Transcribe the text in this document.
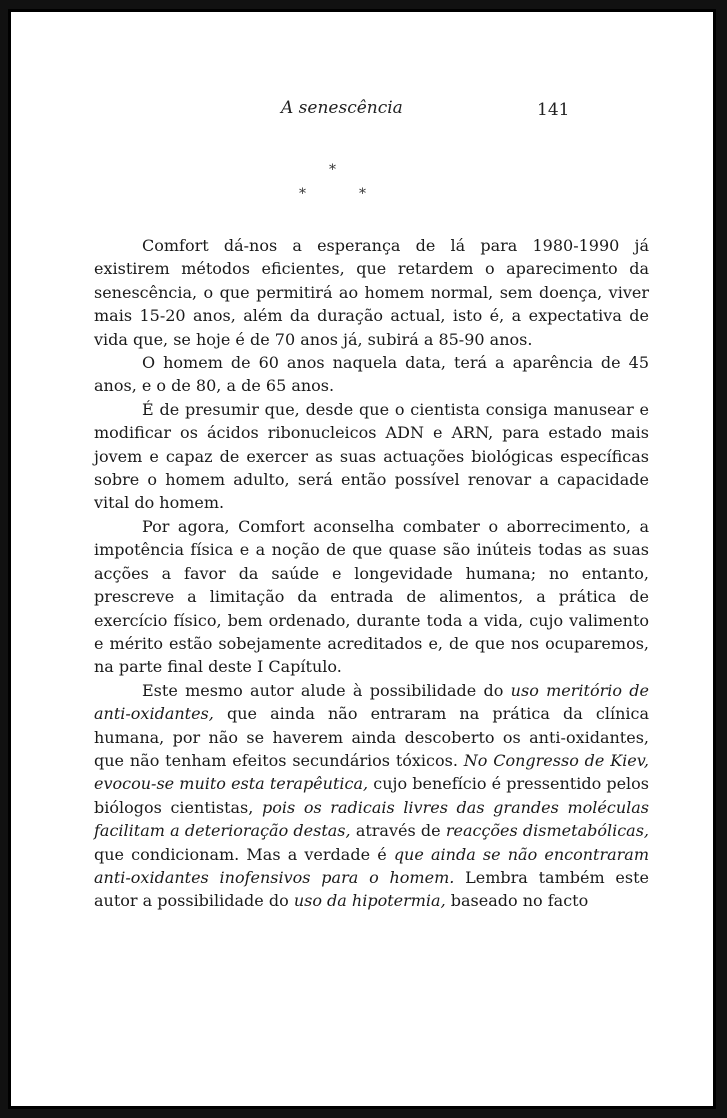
A senescência	141
*
*	*

Comfort dá-nos a esperança de lá para 1980-1990 já existirem métodos eficientes, que retardem o aparecimento da senescência, o que permitirá ao homem normal, sem doença, viver mais 15-20 anos, além da duração actual, isto é, a expectativa de vida que, se hoje é de 70 anos já, subirá a 85-90 anos.

O homem de 60 anos naquela data, terá a aparência de 45 anos, e o de 80, a de 65 anos.

É de presumir que, desde que o cientista consiga manusear e modificar os ácidos ribonucleicos ADN e ARN, para estado mais jovem e capaz de exercer as suas actuações biológicas específicas sobre o homem adulto, será então possível renovar a capacidade vital do homem.

Por agora, Comfort aconselha combater o aborrecimento, a impotência física e a noção de que quase são inúteis todas as suas acções a favor da saúde e longevidade humana; no entanto, prescreve a limitação da entrada de alimentos, a prática de exercício físico, bem ordenado, durante toda a vida, cujo valimento e mérito estão sobejamente acreditados e, de que nos ocuparemos, na parte final deste I Capítulo.

Este mesmo autor alude à possibilidade do uso meritório de anti-oxidantes, que ainda não entraram na prática da clínica humana, por não se haverem ainda descoberto os anti-oxidantes, que não tenham efeitos secundários tóxicos. No Congresso de Kiev, evocou-se muito esta terapêutica, cujo benefício é pressentido pelos biólogos cientistas, pois os radicais livres das grandes moléculas facilitam a deterioração destas, através de reacções dismetabólicas, que condicionam. Mas a verdade é que ainda se não encontraram anti-oxidantes inofensivos para o homem. Lembra também este autor a possibilidade do uso da hipotermia, baseado no facto
